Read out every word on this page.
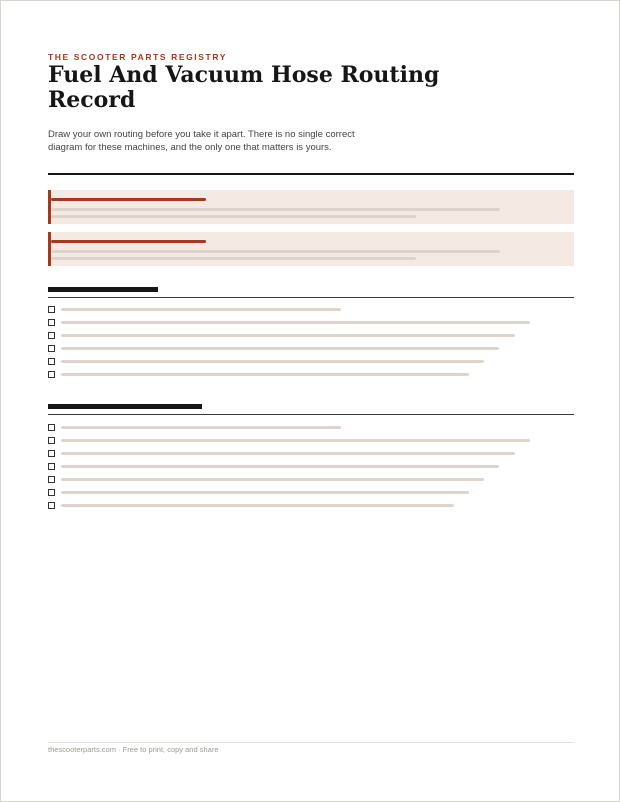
THE SCOOTER PARTS REGISTRY
Fuel And Vacuum Hose Routing Record

Draw your own routing before you take it apart. There is no single correct diagram for these machines, and the only one that matters is yours.

thescooterparts.com · Free to print, copy and share
